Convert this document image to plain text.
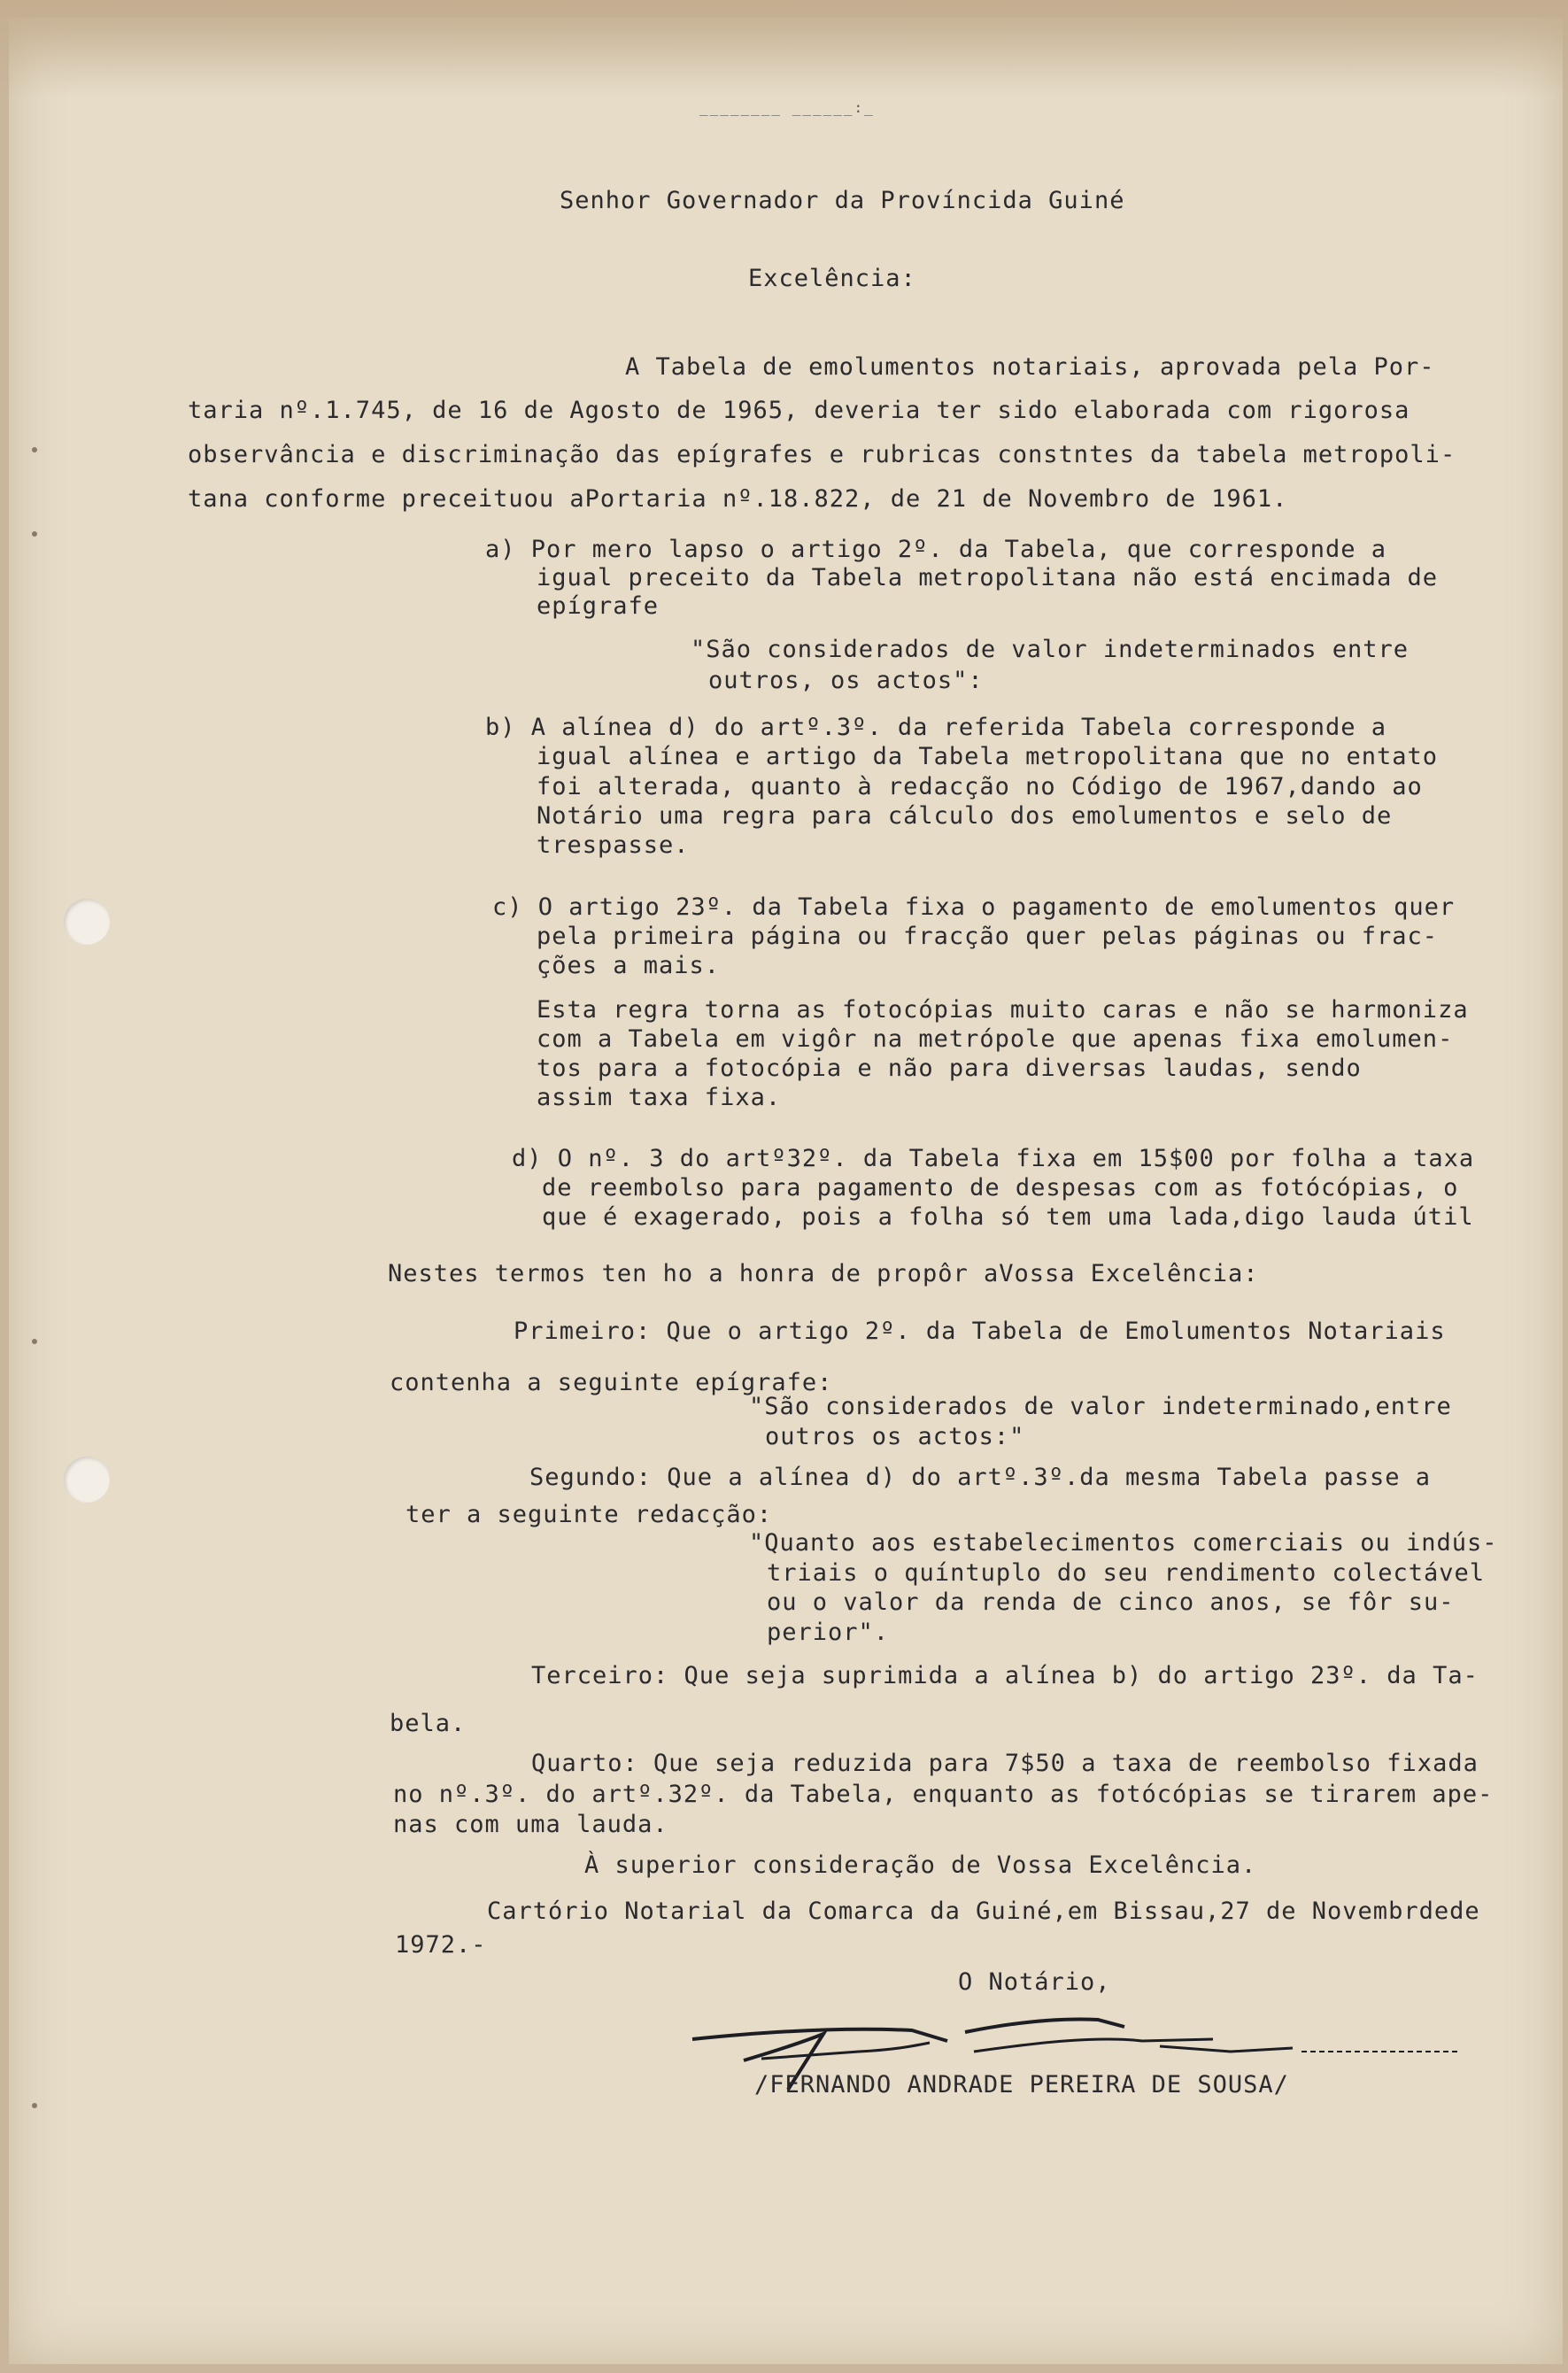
________ ______:_
Senhor Governador da Províncida Guiné
Excelência:
A Tabela de emolumentos notariais, aprovada pela Por-
taria nº.1.745, de 16 de Agosto de 1965, deveria ter sido elaborada com rigorosa
observância e discriminação das epígrafes e rubricas constntes da tabela metropoli-
tana conforme preceituou aPortaria nº.18.822, de 21 de Novembro de 1961.
a) Por mero lapso o artigo 2º. da Tabela, que corresponde a
igual preceito da Tabela metropolitana não está encimada de
epígrafe
"São considerados de valor indeterminados entre
outros, os actos":
b) A alínea d) do artº.3º. da referida Tabela corresponde a
igual alínea e artigo da Tabela metropolitana que no entato
foi alterada, quanto à redacção no Código de 1967,dando ao
Notário uma regra para cálculo dos emolumentos e selo de
trespasse.
c) O artigo 23º. da Tabela fixa o pagamento de emolumentos quer
pela primeira página ou fracção quer pelas páginas ou frac-
ções a mais.
Esta regra torna as fotocópias muito caras e não se harmoniza
com a Tabela em vigôr na metrópole que apenas fixa emolumen-
tos para a fotocópia e não para diversas laudas, sendo
assim taxa fixa.
d) O nº. 3 do artº32º. da Tabela fixa em 15$00 por folha a taxa
de reembolso para pagamento de despesas com as fotócópias, o
que é exagerado, pois a folha só tem uma lada,digo lauda útil
Nestes termos ten ho a honra de propôr aVossa Excelência:
Primeiro: Que o artigo 2º. da Tabela de Emolumentos Notariais
contenha a seguinte epígrafe:
"São considerados de valor indeterminado,entre
outros os actos:"
Segundo: Que a alínea d) do artº.3º.da mesma Tabela passe a
ter a seguinte redacção:
"Quanto aos estabelecimentos comerciais ou indús-
triais o quíntuplo do seu rendimento colectável
ou o valor da renda de cinco anos, se fôr su-
perior".
Terceiro: Que seja suprimida a alínea b) do artigo 23º. da Ta-
bela.
Quarto: Que seja reduzida para 7$50 a taxa de reembolso fixada
no nº.3º. do artº.32º. da Tabela, enquanto as fotócópias se tirarem ape-
nas com uma lauda.
À superior consideração de Vossa Excelência.
Cartório Notarial da Comarca da Guiné,em Bissau,27 de Novembrdede
1972.-
O Notário,
/FERNANDO ANDRADE PEREIRA DE SOUSA/
